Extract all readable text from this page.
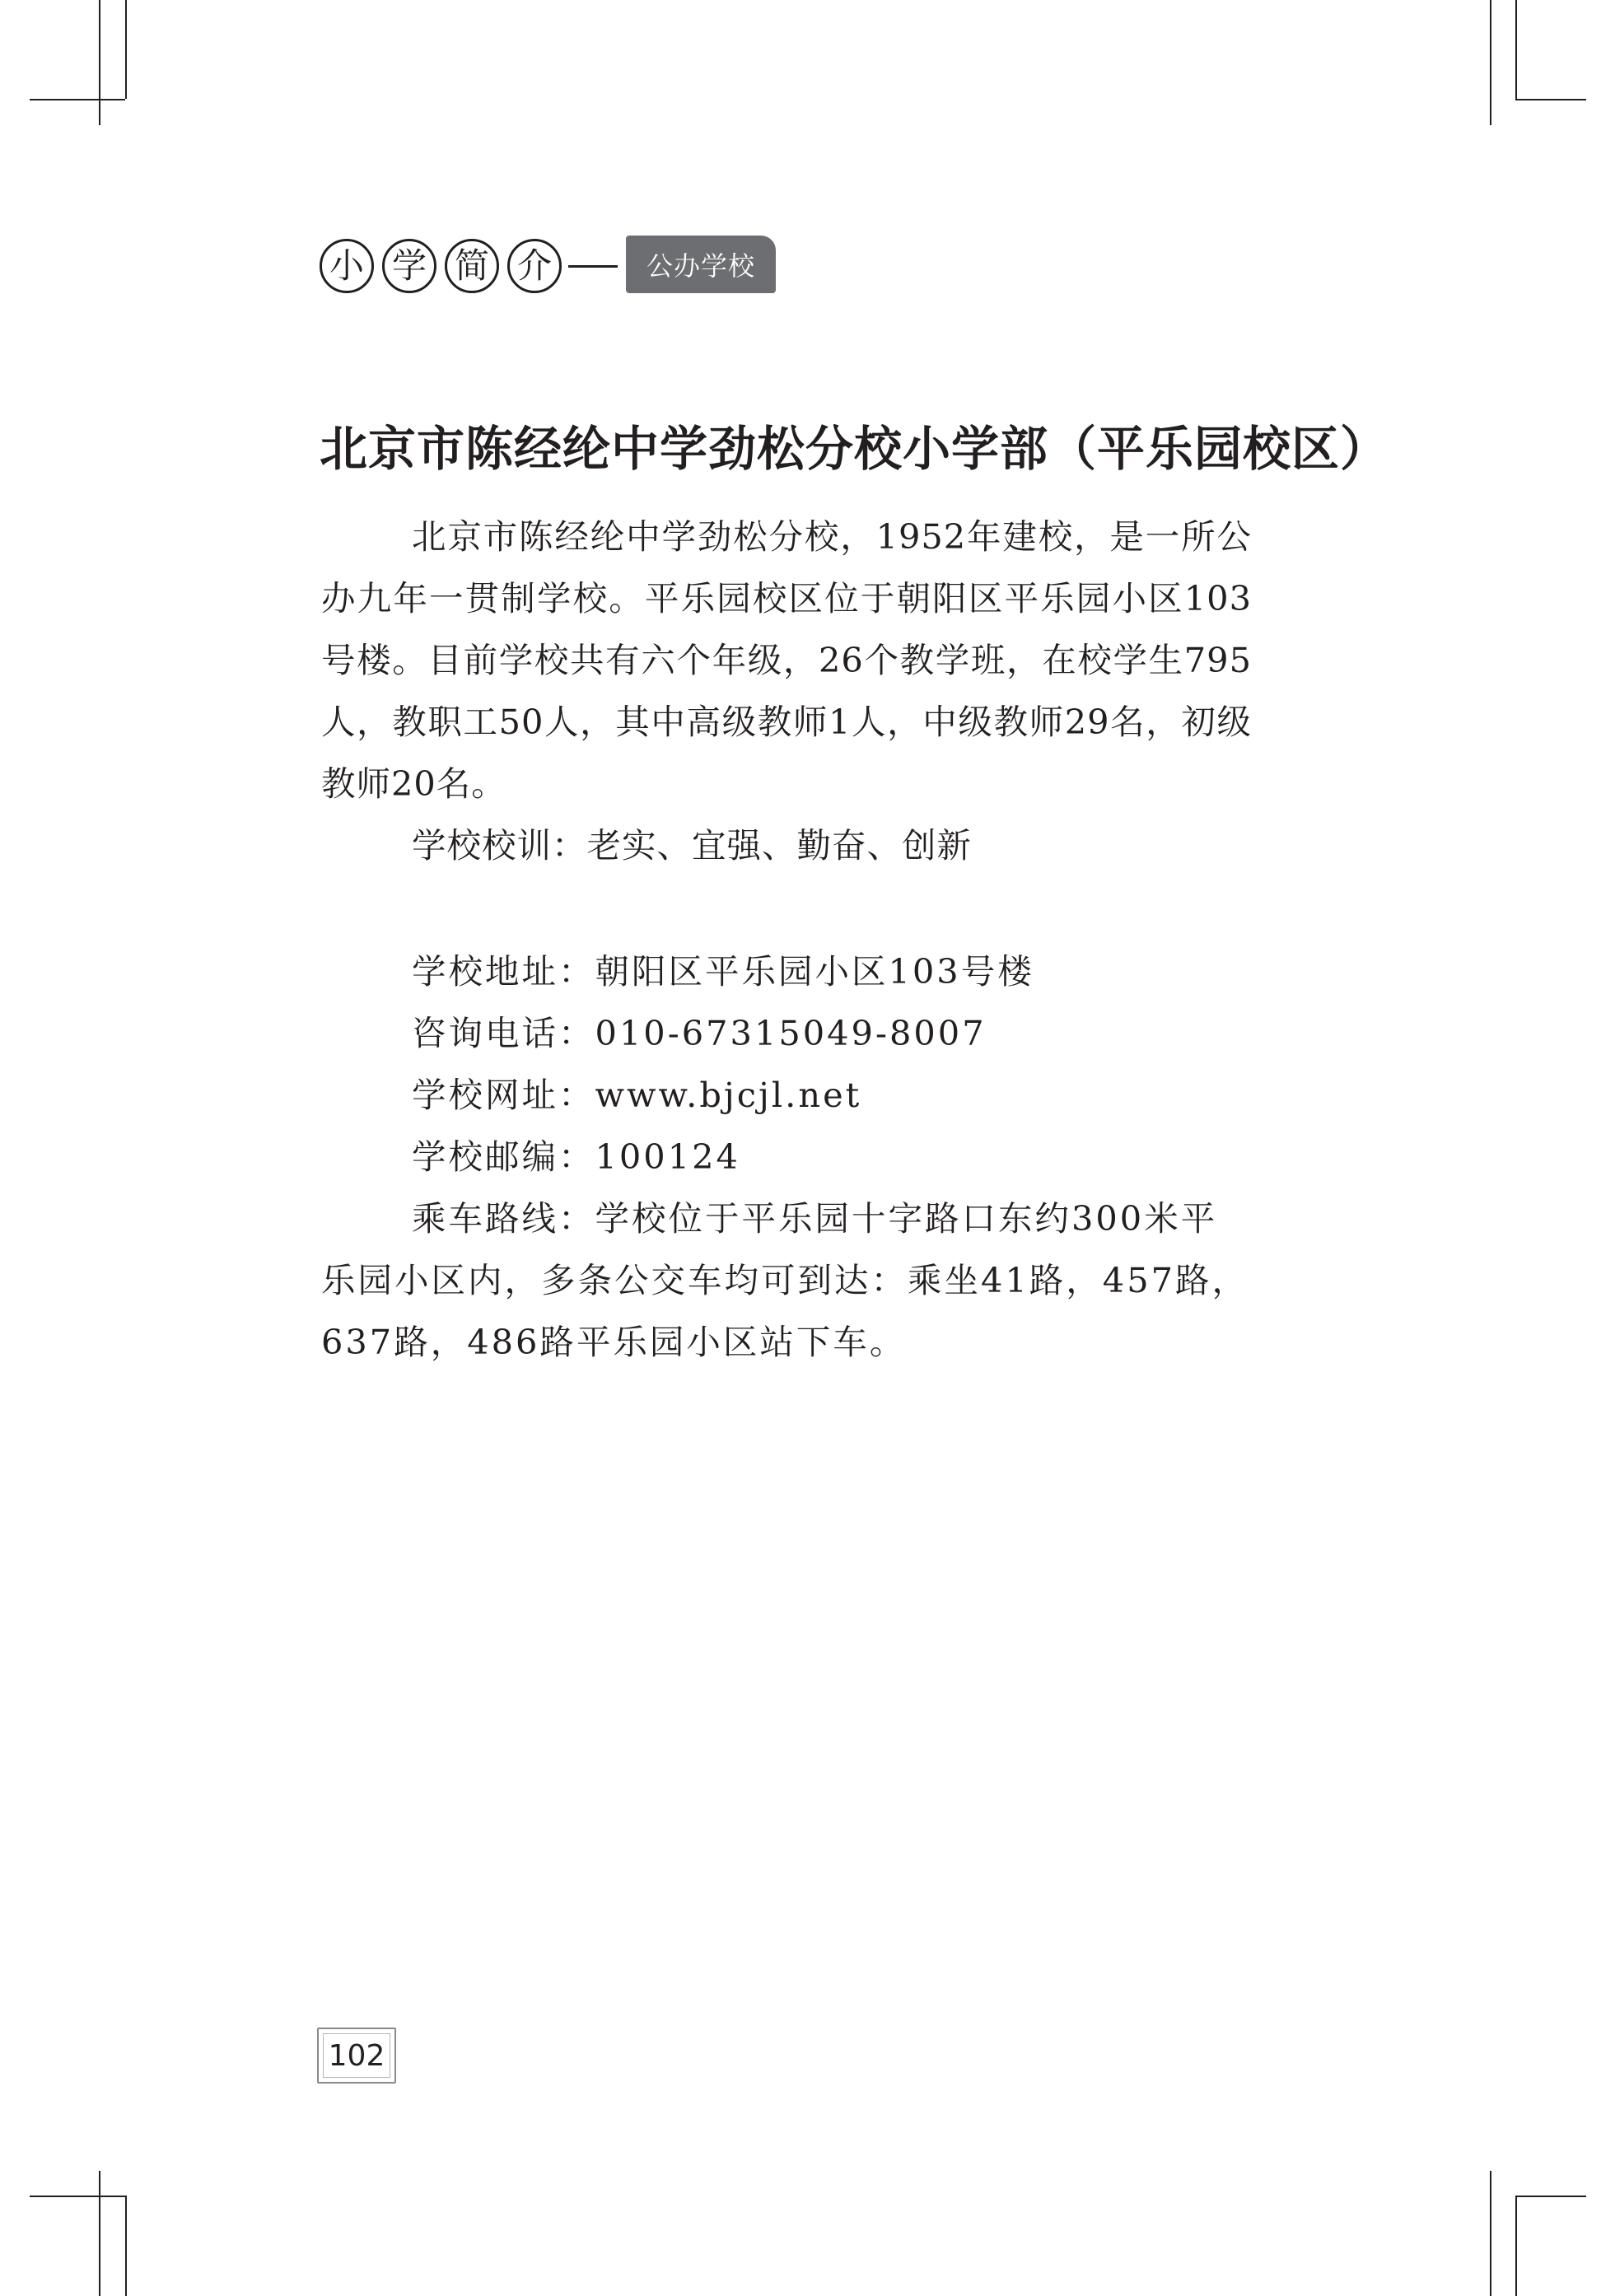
小 学 简 介	公办学校
北京市陈经纶中学劲松分校小学部（平乐园校区）

北京市陈经纶中学劲松分校，1952年建校，是一所公办九年一贯制学校。平乐园校区位于朝阳区平乐园小区103号楼。目前学校共有六个年级，26个教学班，在校学生795人，教职工50人，其中高级教师1人，中级教师29名，初级教师20名。

学校校训：老实、宜强、勤奋、创新

学校地址：朝阳区平乐园小区103号楼

咨询电话：010-67315049-8007

学校网址：www.bjcjl.net

学校邮编：100124

乘车路线：学校位于平乐园十字路口东约300米平乐园小区内，多条公交车均可到达：乘坐41路，457路，637路，486路平乐园小区站下车。

102
